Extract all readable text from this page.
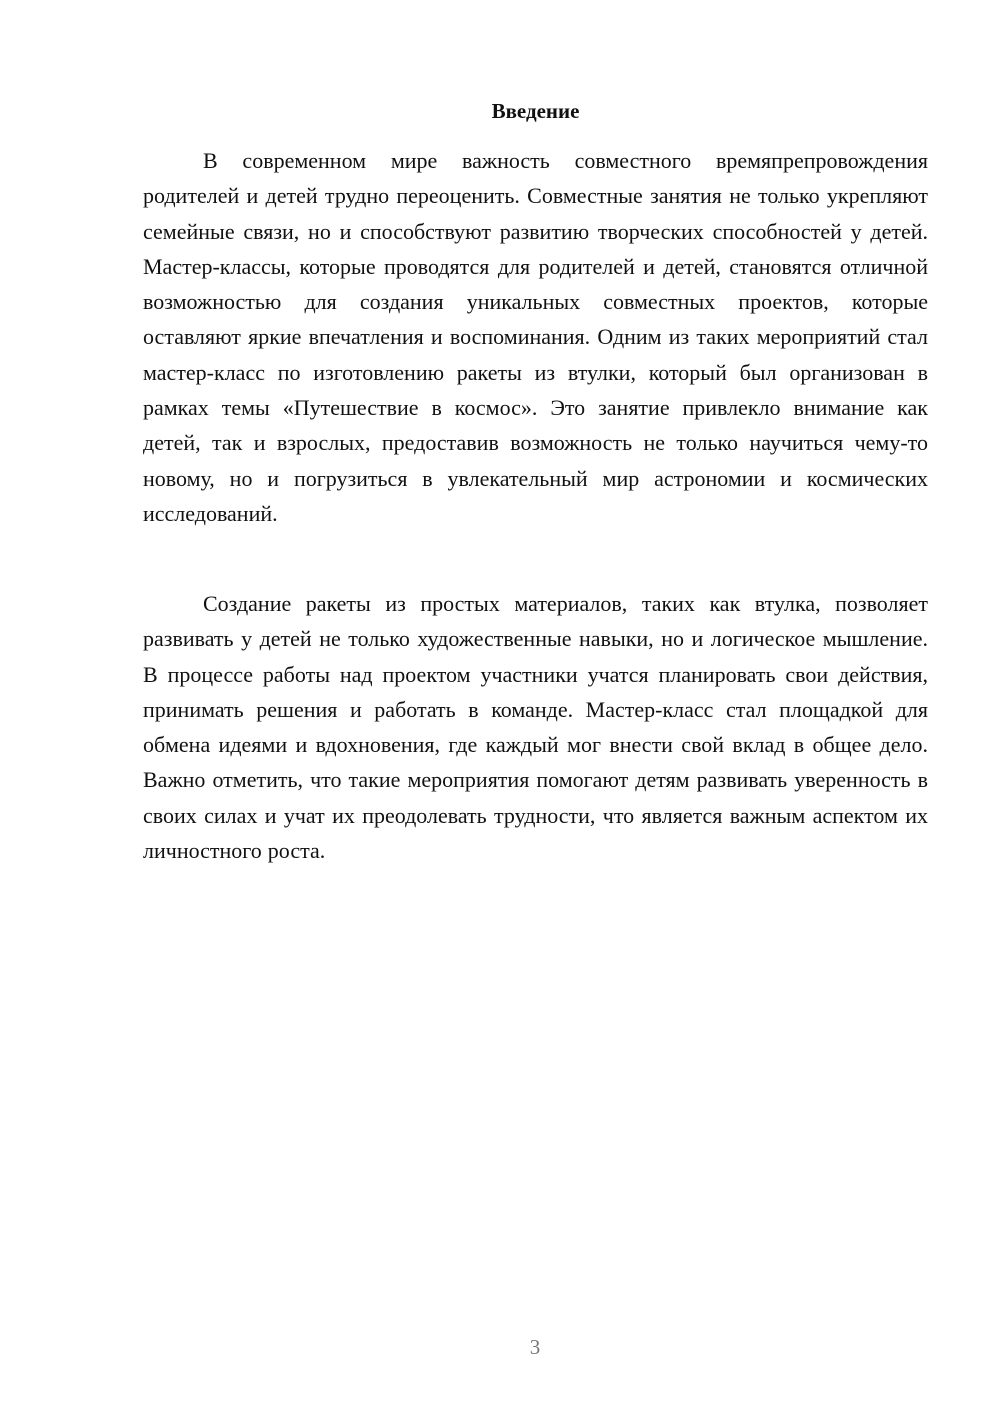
Введение

В современном мире важность совместного времяпрепровождения родителей и детей трудно переоценить. Совместные занятия не только укрепляют семейные связи, но и способствуют развитию творческих способностей у детей. Мастер-классы, которые проводятся для родителей и детей, становятся отличной возможностью для создания уникальных совместных проектов, которые оставляют яркие впечатления и воспоминания. Одним из таких мероприятий стал мастер-класс по изготовлению ракеты из втулки, который был организован в рамках темы «Путешествие в космос». Это занятие привлекло внимание как детей, так и взрослых, предоставив возможность не только научиться чему-то новому, но и погрузиться в увлекательный мир астрономии и космических исследований.

Создание ракеты из простых материалов, таких как втулка, позволяет развивать у детей не только художественные навыки, но и логическое мышление. В процессе работы над проектом участники учатся планировать свои действия, принимать решения и работать в команде. Мастер-класс стал площадкой для обмена идеями и вдохновения, где каждый мог внести свой вклад в общее дело. Важно отметить, что такие мероприятия помогают детям развивать уверенность в своих силах и учат их преодолевать трудности, что является важным аспектом их личностного роста.

3
